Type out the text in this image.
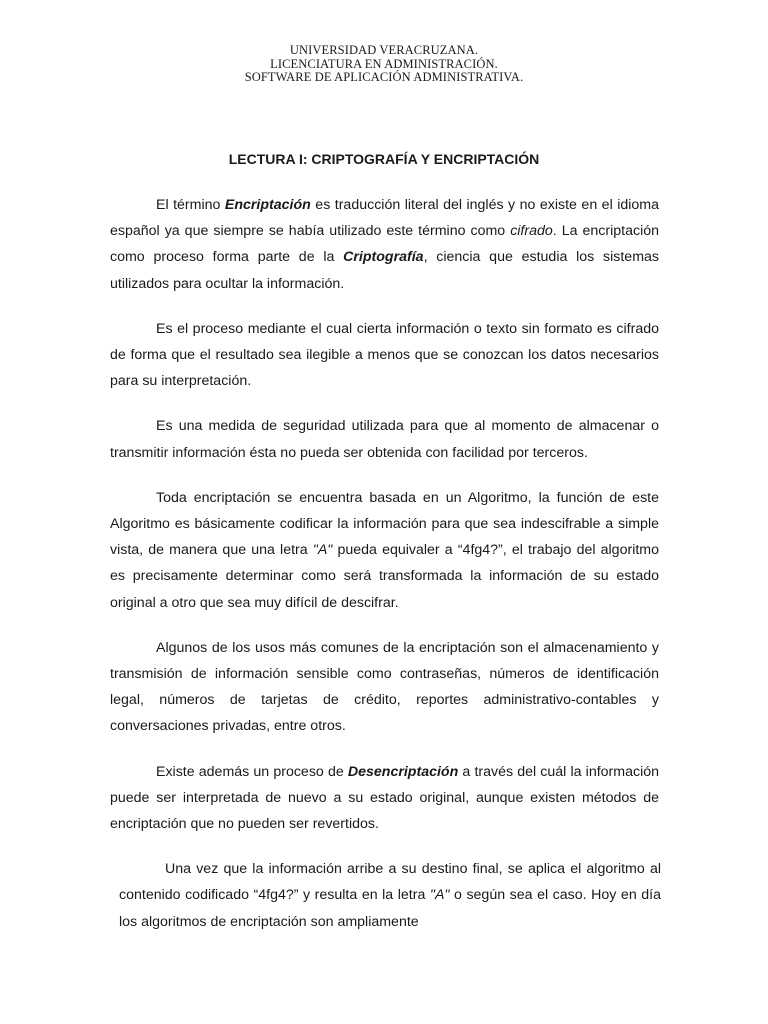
UNIVERSIDAD VERACRUZANA.
LICENCIATURA EN ADMINISTRACIÓN.
SOFTWARE DE APLICACIÓN ADMINISTRATIVA.
LECTURA I: CRIPTOGRAFÍA Y ENCRIPTACIÓN

El término Encriptación es traducción literal del inglés y no existe en el idioma español ya que siempre se había utilizado este término como cifrado. La encriptación como proceso forma parte de la Criptografía, ciencia que estudia los sistemas utilizados para ocultar la información.

Es el proceso mediante el cual cierta información o texto sin formato es cifrado de forma que el resultado sea ilegible a menos que se conozcan los datos necesarios para su interpretación.

Es una medida de seguridad utilizada para que al momento de almacenar o transmitir información ésta no pueda ser obtenida con facilidad por terceros.

Toda encriptación se encuentra basada en un Algoritmo, la función de este Algoritmo es básicamente codificar la información para que sea indescifrable a simple vista, de manera que una letra "A" pueda equivaler a “4fg4?”, el trabajo del algoritmo es precisamente determinar como será transformada la información de su estado original a otro que sea muy difícil de descifrar.

Algunos de los usos más comunes de la encriptación son el almacenamiento y transmisión de información sensible como contraseñas, números de identificación legal, números de tarjetas de crédito, reportes administrativo-contables y conversaciones privadas, entre otros.

Existe además un proceso de Desencriptación a través del cuál la información puede ser interpretada de nuevo a su estado original, aunque existen métodos de encriptación que no pueden ser revertidos.

Una vez que la información arribe a su destino final, se aplica el algoritmo al contenido codificado “4fg4?” y resulta en la letra "A" o según sea el caso. Hoy en día los algoritmos de encriptación son ampliamente
